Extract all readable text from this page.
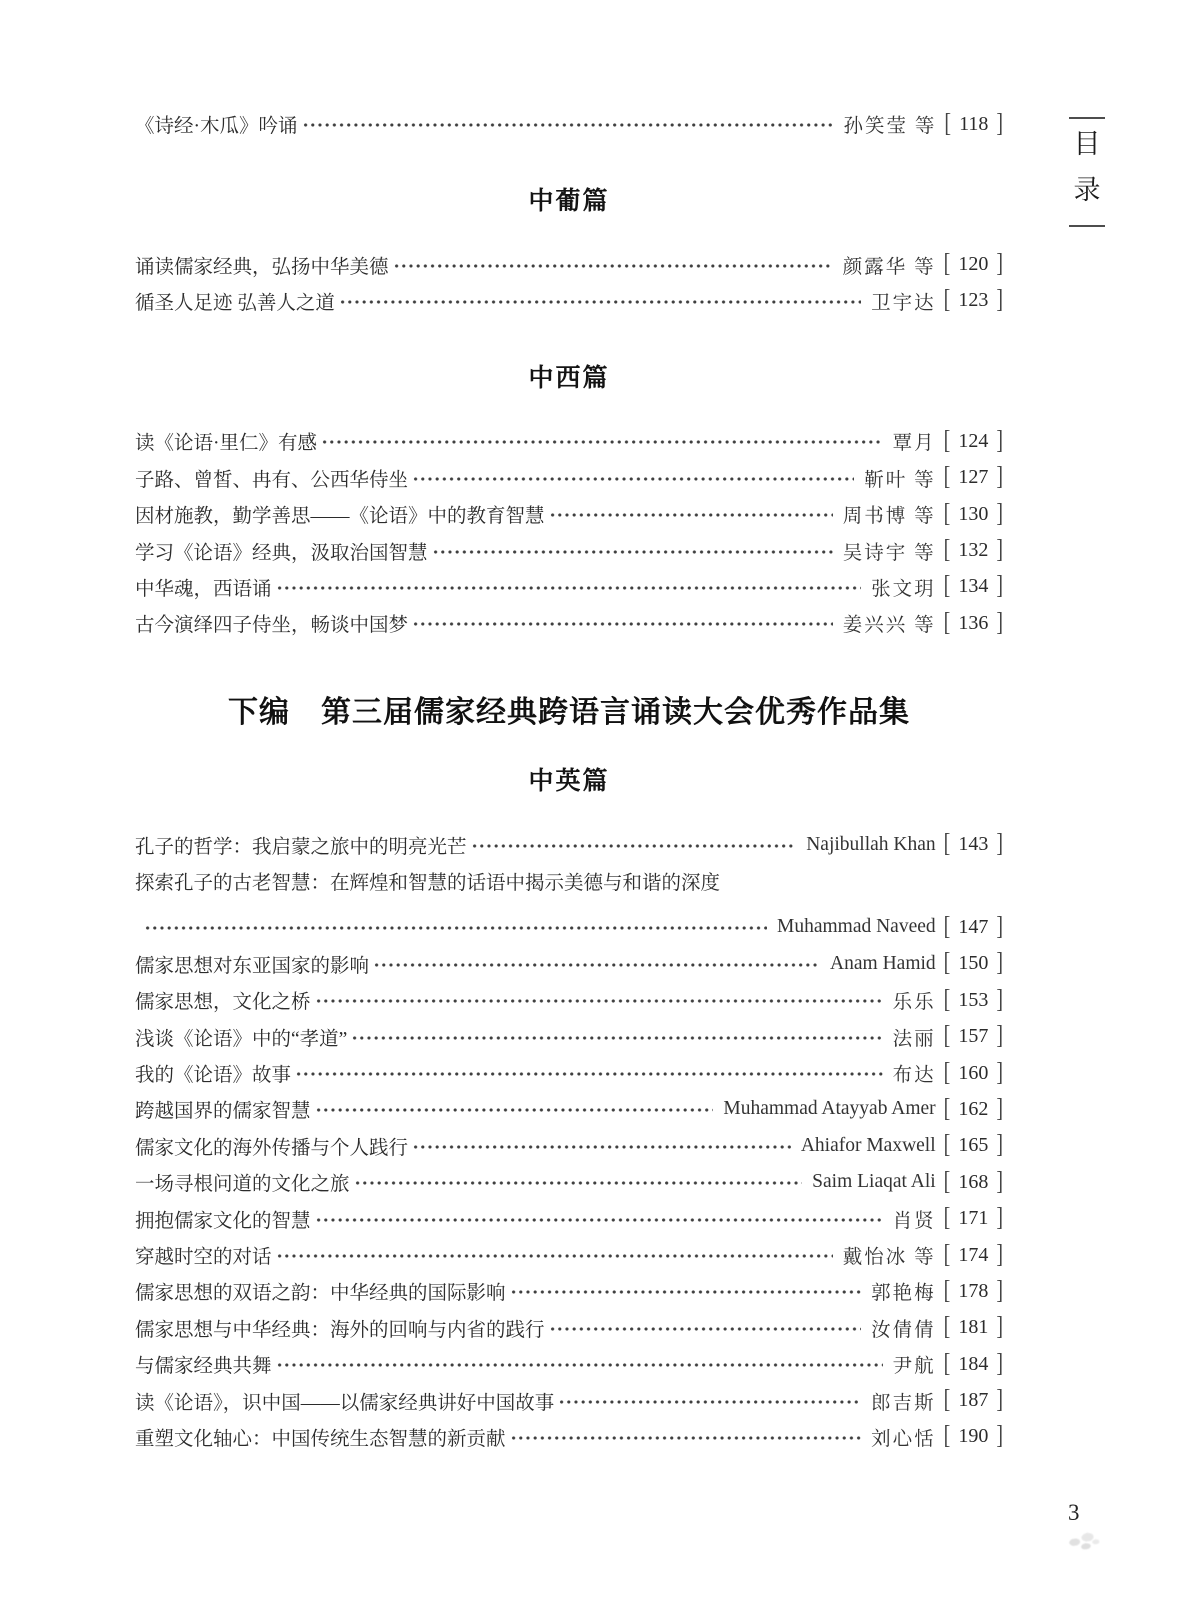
目
录
《诗经·木瓜》吟诵	孙笑莹 等 [ 118 ]
中葡篇
诵读儒家经典，弘扬中华美德	颜露华 等 [ 120 ]
循圣人足迹 弘善人之道	卫宇达 [ 123 ]
中西篇
读《论语·里仁》有感	覃月 [ 124 ]
子路、曾皙、冉有、公西华侍坐	靳叶 等 [ 127 ]
因材施教，勤学善思——《论语》中的教育智慧	周书博 等 [ 130 ]
学习《论语》经典，汲取治国智慧	吴诗宇 等 [ 132 ]
中华魂，西语诵	张文玥 [ 134 ]
古今演绎四子侍坐，畅谈中国梦	姜兴兴 等 [ 136 ]
下编　第三届儒家经典跨语言诵读大会优秀作品集
中英篇
孔子的哲学：我启蒙之旅中的明亮光芒	Najibullah Khan [ 143 ]
探索孔子的古老智慧：在辉煌和智慧的话语中揭示美德与和谐的深度
Muhammad Naveed [ 147 ]
儒家思想对东亚国家的影响	Anam Hamid [ 150 ]
儒家思想，文化之桥	乐乐 [ 153 ]
浅谈《论语》中的“孝道”	法丽 [ 157 ]
我的《论语》故事	布达 [ 160 ]
跨越国界的儒家智慧	Muhammad Atayyab Amer [ 162 ]
儒家文化的海外传播与个人践行	Ahiafor Maxwell [ 165 ]
一场寻根问道的文化之旅	Saim Liaqat Ali [ 168 ]
拥抱儒家文化的智慧	肖贤 [ 171 ]
穿越时空的对话	戴怡冰 等 [ 174 ]
儒家思想的双语之韵：中华经典的国际影响	郭艳梅 [ 178 ]
儒家思想与中华经典：海外的回响与内省的践行	汝倩倩 [ 181 ]
与儒家经典共舞	尹航 [ 184 ]
读《论语》，识中国——以儒家经典讲好中国故事	郎吉斯 [ 187 ]
重塑文化轴心：中国传统生态智慧的新贡献	刘心恬 [ 190 ]
3
